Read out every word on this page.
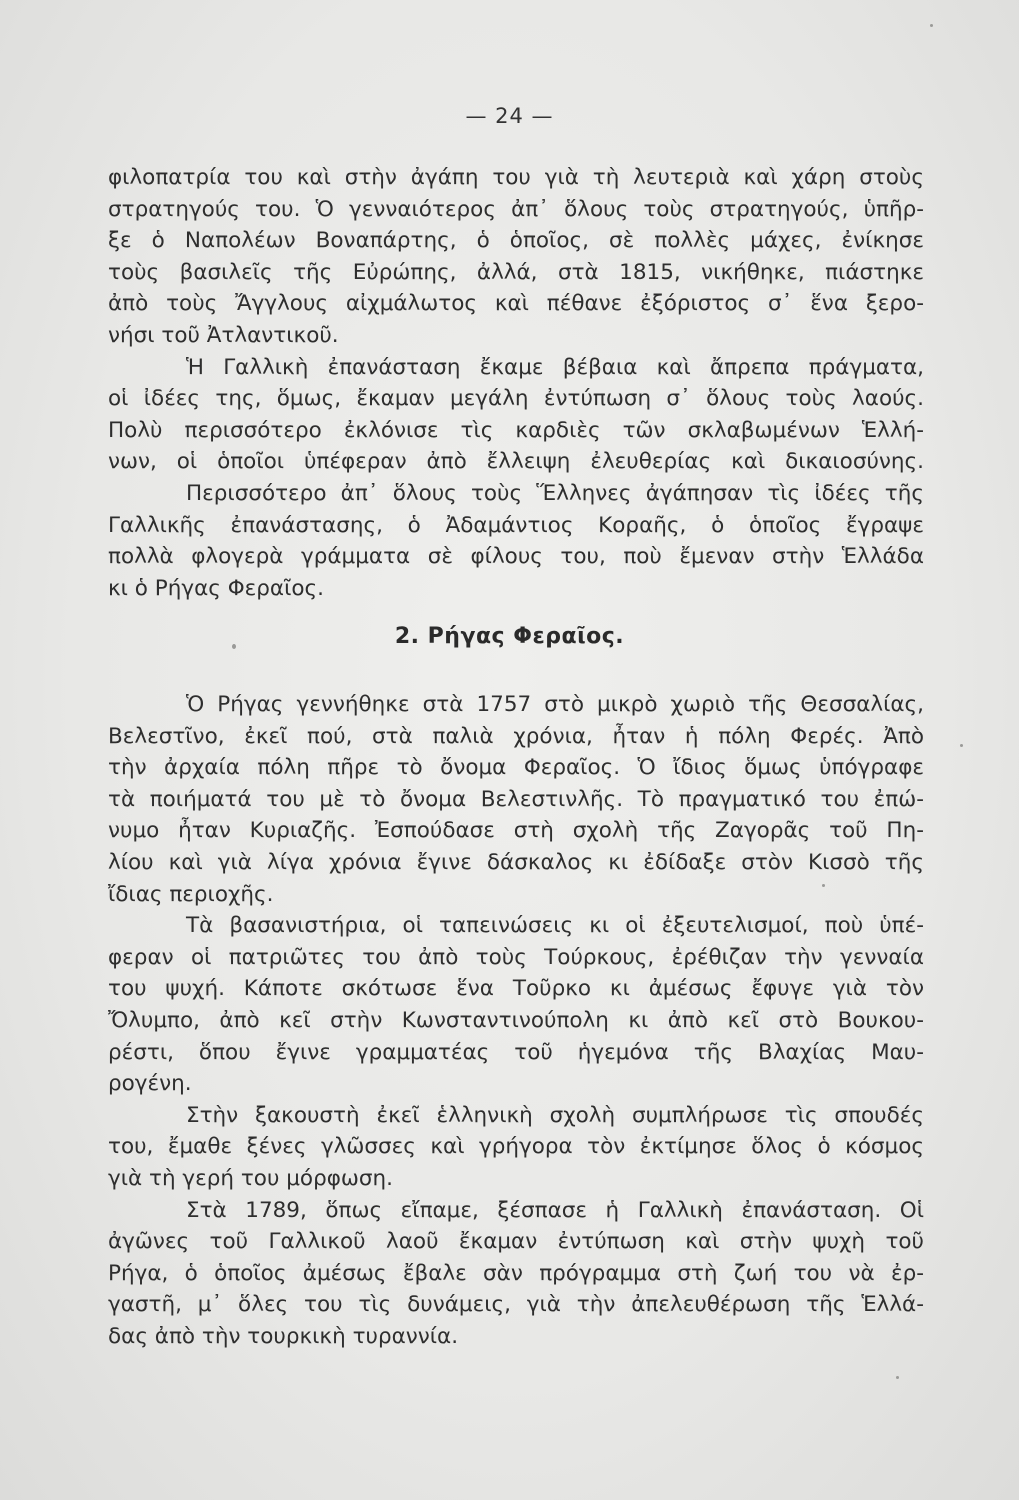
— 24 —
φιλοπατρία του καὶ στὴν ἀγάπη του γιὰ τὴ λευτεριὰ καὶ χάρη στοὺς
στρατηγούς του. Ὁ γενναιότερος ἀπ᾽ ὅλους τοὺς στρατηγούς, ὑπῆρ-
ξε ὁ Ναπολέων Βοναπάρτης, ὁ ὁποῖος, σὲ πολλὲς μάχες, ἐνίκησε
τοὺς βασιλεῖς τῆς Εὐρώπης, ἀλλά, στὰ 1815, νικήθηκε, πιάστηκε
ἀπὸ τοὺς Ἄγγλους αἰχμάλωτος καὶ πέθανε ἐξόριστος σ᾽ ἕνα ξερο-
νήσι τοῦ Ἀτλαντικοῦ.
Ἡ Γαλλικὴ ἐπανάσταση ἔκαμε βέβαια καὶ ἄπρεπα πράγματα,
οἱ ἰδέες της, ὅμως, ἔκαμαν μεγάλη ἐντύπωση σ᾽ ὅλους τοὺς λαούς.
Πολὺ περισσότερο ἐκλόνισε τὶς καρδιὲς τῶν σκλαβωμένων Ἑλλή-
νων, οἱ ὁποῖοι ὑπέφεραν ἀπὸ ἔλλειψη ἐλευθερίας καὶ δικαιοσύνης.
Περισσότερο ἀπ᾽ ὅλους τοὺς Ἕλληνες ἀγάπησαν τὶς ἰδέες τῆς
Γαλλικῆς ἐπανάστασης, ὁ Ἀδαμάντιος Κοραῆς, ὁ ὁποῖος ἔγραψε
πολλὰ φλογερὰ γράμματα σὲ φίλους του, ποὺ ἔμεναν στὴν Ἑλλάδα
κι ὁ Ρήγας Φεραῖος.
2. Ρήγας Φεραῖος.
Ὁ Ρήγας γεννήθηκε στὰ 1757 στὸ μικρὸ χωριὸ τῆς Θεσσαλίας,
Βελεστῖνο, ἐκεῖ πού, στὰ παλιὰ χρόνια, ἦταν ἡ πόλη Φερές. Ἀπὸ
τὴν ἀρχαία πόλη πῆρε τὸ ὄνομα Φεραῖος. Ὁ ἴδιος ὅμως ὑπόγραφε
τὰ ποιήματά του μὲ τὸ ὄνομα Βελεστινλῆς. Τὸ πραγματικό του ἐπώ-
νυμο ἦταν Κυριαζῆς. Ἐσπούδασε στὴ σχολὴ τῆς Ζαγορᾶς τοῦ Πη-
λίου καὶ γιὰ λίγα χρόνια ἔγινε δάσκαλος κι ἐδίδαξε στὸν Κισσὸ τῆς
ἴδιας περιοχῆς.
Τὰ βασανιστήρια, οἱ ταπεινώσεις κι οἱ ἐξευτελισμοί, ποὺ ὑπέ-
φεραν οἱ πατριῶτες του ἀπὸ τοὺς Τούρκους, ἐρέθιζαν τὴν γενναία
του ψυχή. Κάποτε σκότωσε ἕνα Τοῦρκο κι ἀμέσως ἔφυγε γιὰ τὸν
Ὄλυμπο, ἀπὸ κεῖ στὴν Κωνσταντινούπολη κι ἀπὸ κεῖ στὸ Βουκου-
ρέστι, ὅπου ἔγινε γραμματέας τοῦ ἡγεμόνα τῆς Βλαχίας Μαυ-
ρογένη.
Στὴν ξακουστὴ ἐκεῖ ἑλληνικὴ σχολὴ συμπλήρωσε τὶς σπουδές
του, ἔμαθε ξένες γλῶσσες καὶ γρήγορα τὸν ἐκτίμησε ὅλος ὁ κόσμος
γιὰ τὴ γερή του μόρφωση.
Στὰ 1789, ὅπως εἴπαμε, ξέσπασε ἡ Γαλλικὴ ἐπανάσταση. Οἱ
ἀγῶνες τοῦ Γαλλικοῦ λαοῦ ἔκαμαν ἐντύπωση καὶ στὴν ψυχὴ τοῦ
Ρήγα, ὁ ὁποῖος ἀμέσως ἔβαλε σὰν πρόγραμμα στὴ ζωή του νὰ ἐρ-
γαστῆ, μ᾽ ὅλες του τὶς δυνάμεις, γιὰ τὴν ἀπελευθέρωση τῆς Ἑλλά-
δας ἀπὸ τὴν τουρκικὴ τυραννία.
